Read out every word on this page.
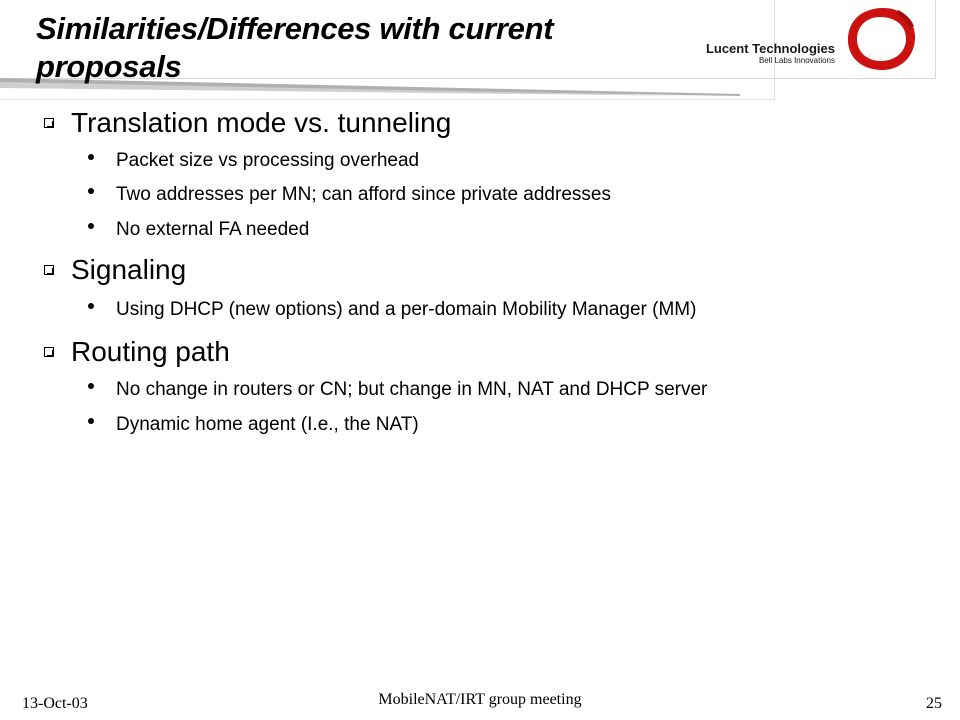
Similarities/Differences with current proposals
Lucent Technologies
Bell Labs Innovations
Translation mode vs. tunneling
Packet size vs processing overhead
Two addresses per MN; can afford since private addresses
No external FA needed
Signaling
Using DHCP (new options) and a per-domain Mobility Manager (MM)
Routing path
No change in routers or CN; but change in MN, NAT and DHCP server
Dynamic home agent (I.e., the NAT)
13-Oct-03	MobileNAT/IRT group meeting	25
